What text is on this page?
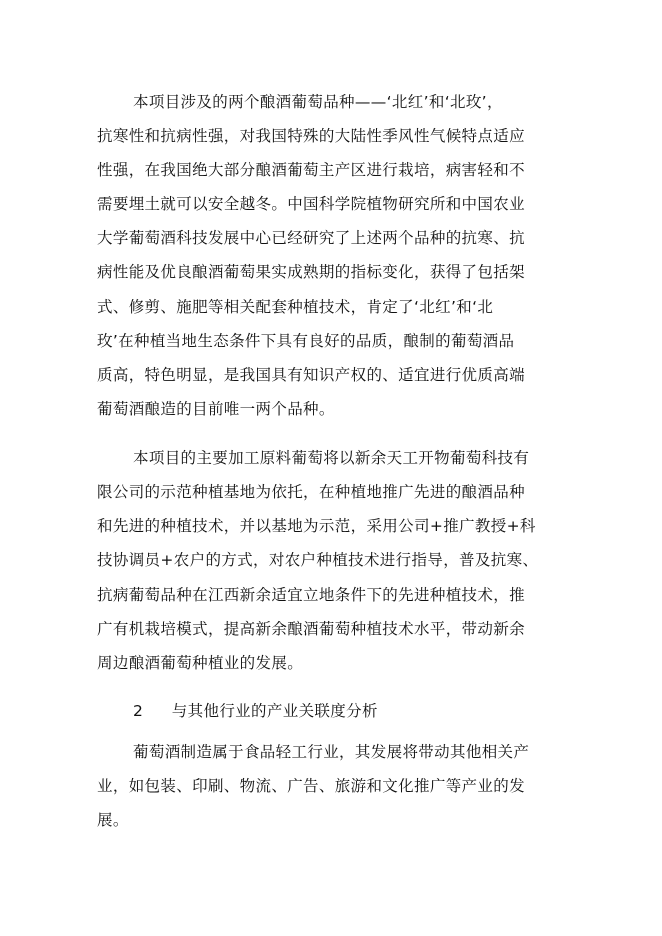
本项目涉及的两个酿酒葡萄品种——‘北红’和‘北玫’，
抗寒性和抗病性强，对我国特殊的大陆性季风性气候特点适应
性强，在我国绝大部分酿酒葡萄主产区进行栽培，病害轻和不
需要埋土就可以安全越冬。中国科学院植物研究所和中国农业
大学葡萄酒科技发展中心已经研究了上述两个品种的抗寒、抗
病性能及优良酿酒葡萄果实成熟期的指标变化，获得了包括架
式、修剪、施肥等相关配套种植技术，肯定了‘北红’和‘北
玫’在种植当地生态条件下具有良好的品质，酿制的葡萄酒品
质高，特色明显，是我国具有知识产权的、适宜进行优质高端
葡萄酒酿造的目前唯一两个品种。
本项目的主要加工原料葡萄将以新余天工开物葡萄科技有
限公司的示范种植基地为依托，在种植地推广先进的酿酒品种
和先进的种植技术，并以基地为示范，采用公司+推广教授+科
技协调员+农户的方式，对农户种植技术进行指导，普及抗寒、
抗病葡萄品种在江西新余适宜立地条件下的先进种植技术，推
广有机栽培模式，提高新余酿酒葡萄种植技术水平，带动新余
周边酿酒葡萄种植业的发展。
2 与其他行业的产业关联度分析
葡萄酒制造属于食品轻工行业，其发展将带动其他相关产
业，如包装、印刷、物流、广告、旅游和文化推广等产业的发
展。
